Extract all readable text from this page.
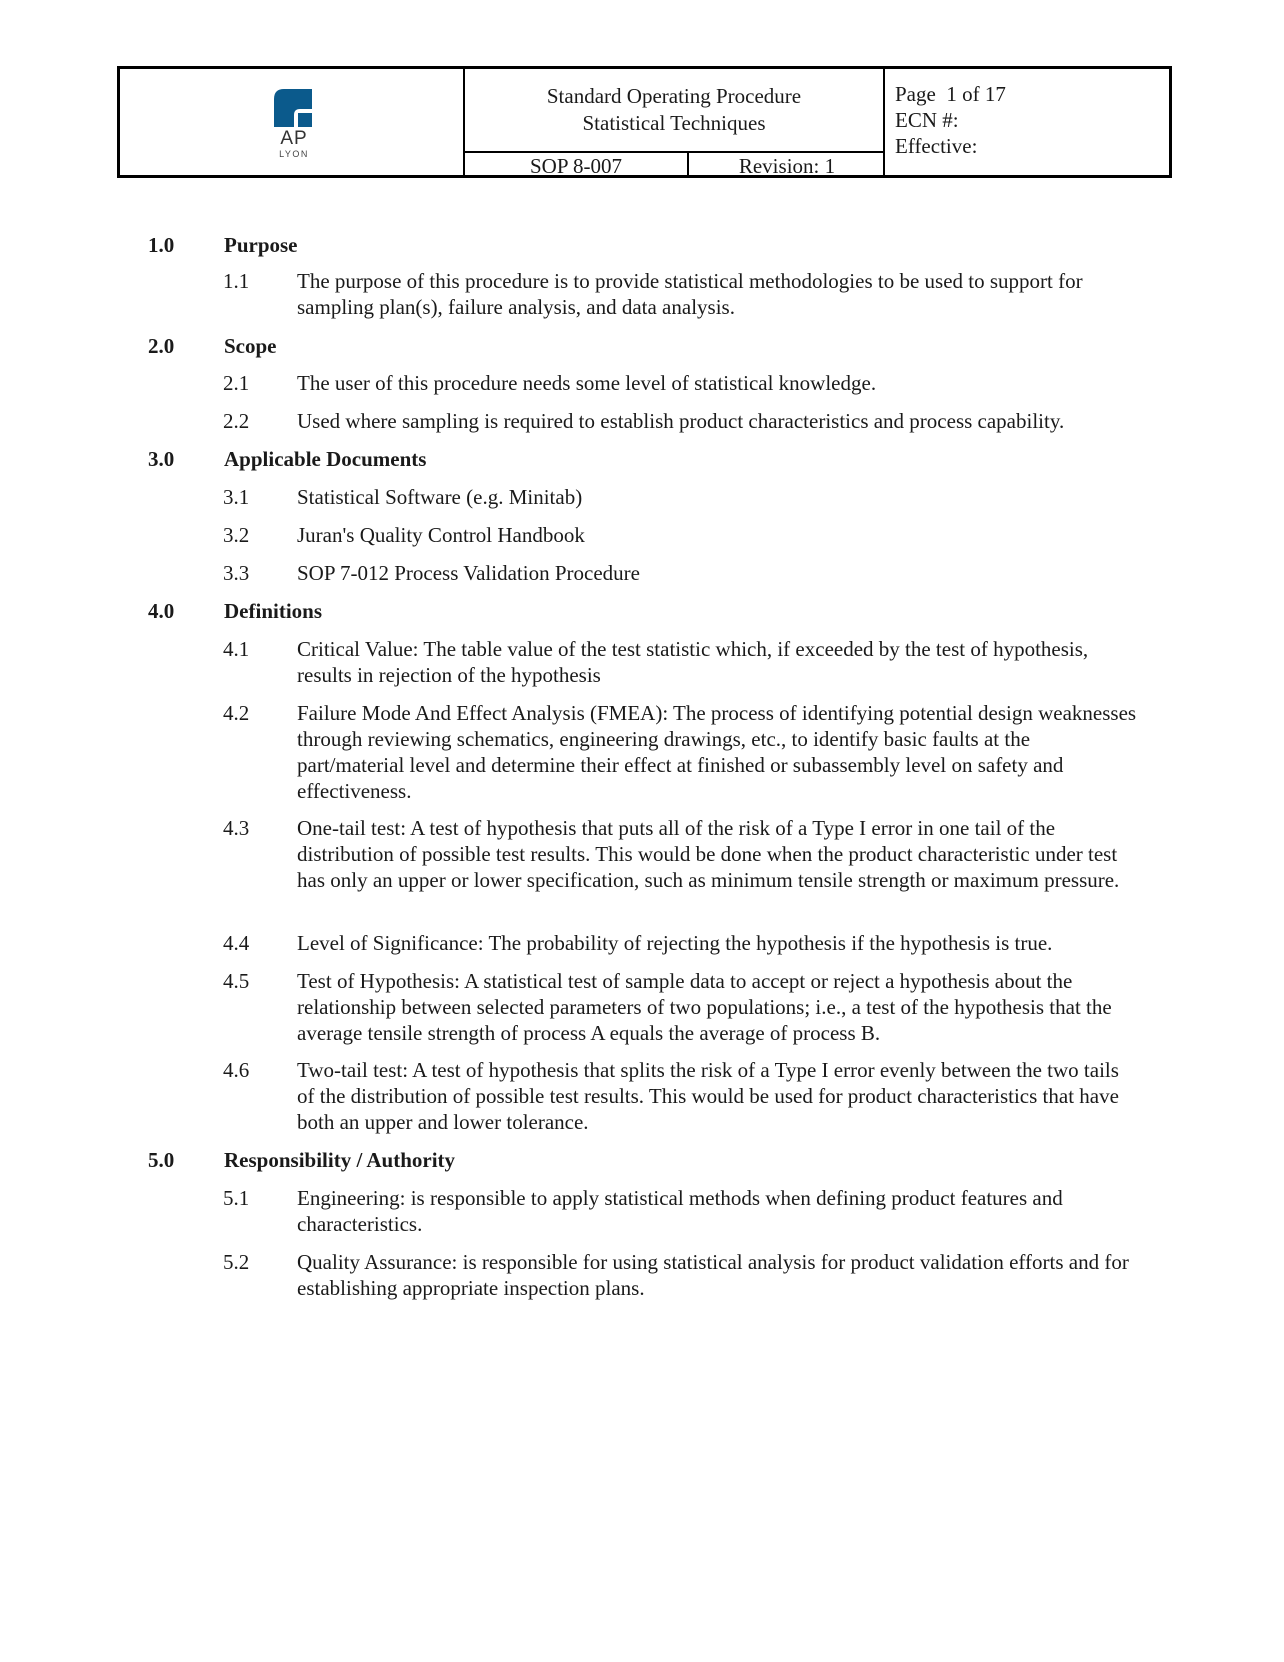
AP
LYON
Standard Operating Procedure
Statistical Techniques
SOP 8-007	Revision: 1
Page  1 of 17
ECN #:
Effective:
1.0	Purpose
1.1	The purpose of this procedure is to provide statistical methodologies to be used to support for sampling plan(s), failure analysis, and data analysis.
2.0	Scope
2.1	The user of this procedure needs some level of statistical knowledge.
2.2	Used where sampling is required to establish product characteristics and process capability.
3.0	Applicable Documents
3.1	Statistical Software (e.g. Minitab)
3.2	Juran's Quality Control Handbook
3.3	SOP 7-012 Process Validation Procedure
4.0	Definitions
4.1	Critical Value: The table value of the test statistic which, if exceeded by the test of hypothesis, results in rejection of the hypothesis
4.2	Failure Mode And Effect Analysis (FMEA): The process of identifying potential design weaknesses through reviewing schematics, engineering drawings, etc., to identify basic faults at the part/material level and determine their effect at finished or subassembly level on safety and effectiveness.
4.3	One-tail test: A test of hypothesis that puts all of the risk of a Type I error in one tail of the distribution of possible test results. This would be done when the product characteristic under test has only an upper or lower specification, such as minimum tensile strength or maximum pressure.
4.4	Level of Significance: The probability of rejecting the hypothesis if the hypothesis is true.
4.5	Test of Hypothesis: A statistical test of sample data to accept or reject a hypothesis about the relationship between selected parameters of two populations; i.e., a test of the hypothesis that the average tensile strength of process A equals the average of process B.
4.6	Two-tail test: A test of hypothesis that splits the risk of a Type I error evenly between the two tails of the distribution of possible test results. This would be used for product characteristics that have both an upper and lower tolerance.
5.0	Responsibility / Authority
5.1	Engineering: is responsible to apply statistical methods when defining product features and characteristics.
5.2	Quality Assurance: is responsible for using statistical analysis for product validation efforts and for establishing appropriate inspection plans.
